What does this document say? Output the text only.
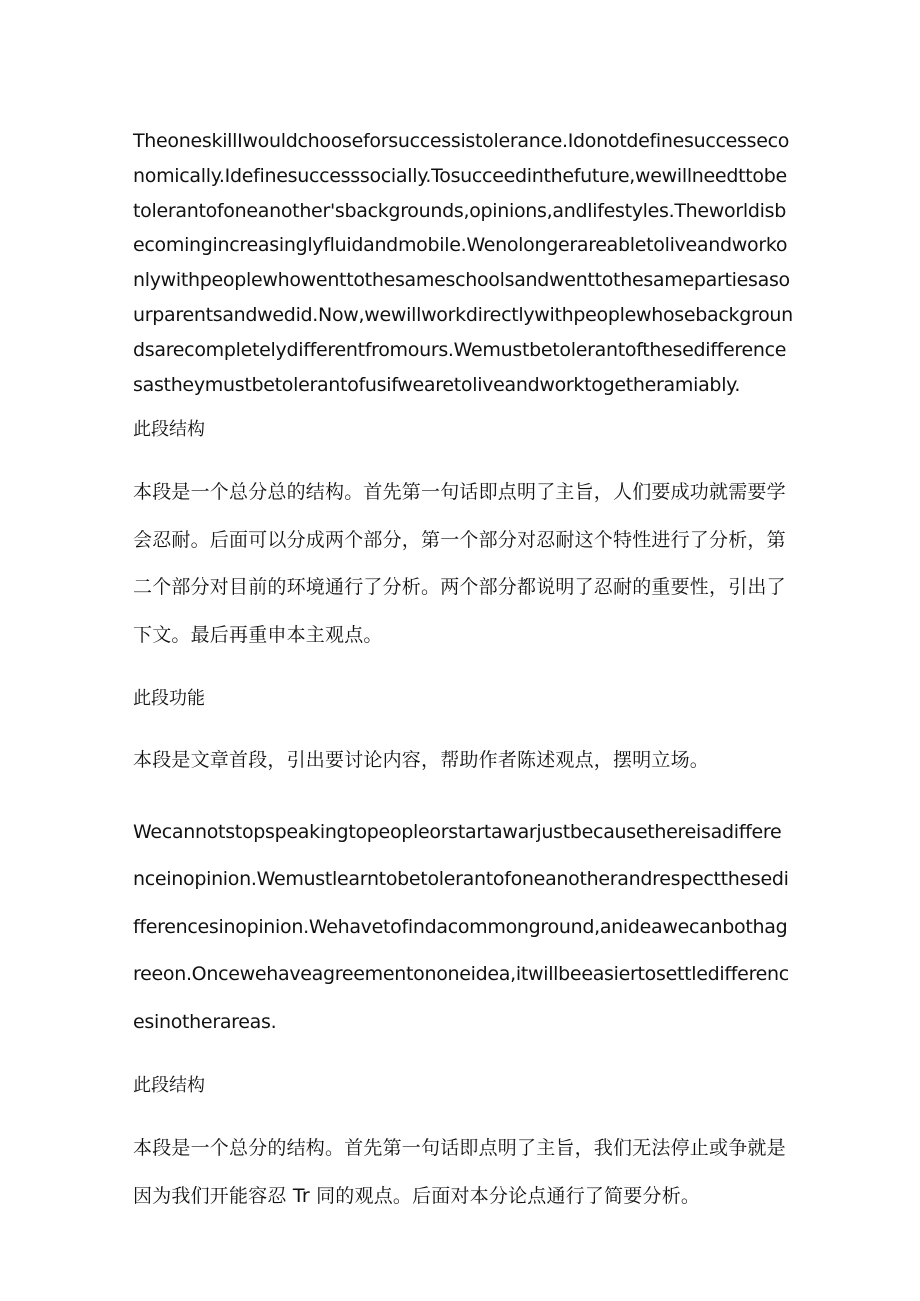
TheoneskillIwouldchooseforsuccessistolerance.Idonotdefinesuccesseconomically.Idefinesuccesssocially.Tosucceedinthefuture,wewillneedttobetolerantofoneanother'sbackgrounds,opinions,andlifestyles.Theworldisbecomingincreasinglyfluidandmobile.Wenolongerareabletoliveandworkonlywithpeoplewhowenttothesameschoolsandwenttothesamepartiesasourparentsandwedid.Now,wewillworkdirectlywithpeoplewhosebackgroundsarecompletelydifferentfromours.Wemustbetolerantofthesedifferencesastheymustbetolerantofusifwearetoliveandworktogetheramiably.

此段结构

本段是一个总分总的结构。首先第一句话即点明了主旨，人们要成功就需要学会忍耐。后面可以分成两个部分，第一个部分对忍耐这个特性进行了分析，第二个部分对目前的环境通行了分析。两个部分都说明了忍耐的重要性，引出了下文。最后再重申本主观点。

此段功能

本段是文章首段，引出要讨论内容，帮助作者陈述观点，摆明立场。

Wecannotstopspeakingtopeopleorstartawarjustbecausethereisadifferenceinopinion.Wemustlearntobetolerantofoneanotherandrespectthesedifferencesinopinion.Wehavetofindacommonground,anideawecanbothagreeon.Oncewehaveagreementononeidea,itwillbeeasiertosettledifferencesinotherareas.

此段结构

本段是一个总分的结构。首先第一句话即点明了主旨，我们无法停止或争就是因为我们开能容忍 Tr 同的观点。后面对本分论点通行了简要分析。
